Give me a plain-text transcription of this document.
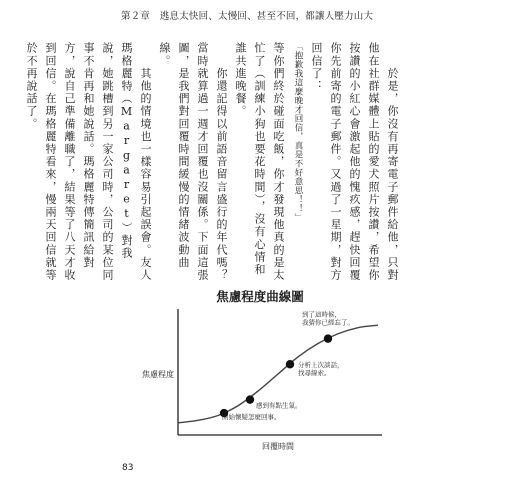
第２章　逃息太快回、太慢回、甚至不回，都讓人壓力山大

　　於是，你沒有再寄電子郵件給他，只對他在社群媒體上貼的愛犬照片按讚，希望你按讚的小紅心會激起他的愧疚感，趕快回覆你先前寄的電子郵件。又過了一星期，對方回信了：

「抱歉我這麼晚才回信，真是不好意思！！」

等你們終於碰面吃飯，你才發現他真的是太忙了（訓練小狗也要花時間），沒有心情和誰共進晚餐。

　　你還記得以前語音留言盛行的年代嗎？當時就算過一週才回覆也沒關係。下面這張圖，是我們對回覆時間緩慢的情緒波動曲線。

　　其他的情境也一樣容易引起誤會。友人瑪格麗特（Margaret）對我說，她跳槽到另一家公司時，公司的某位同事不肯再和她說話。瑪格麗特傳簡訊給對方，說自己準備離職了，結果等了八天才收到回信。在瑪格麗特看來，慢兩天回信就等於不再說話了。

焦慮程度曲線圖
焦慮程度
回覆時間
開始懷疑怎麼回事。
感到有點生氣。
分析上次談話，找尋線索。
到了這時候，我猜你已經忘了。
83
